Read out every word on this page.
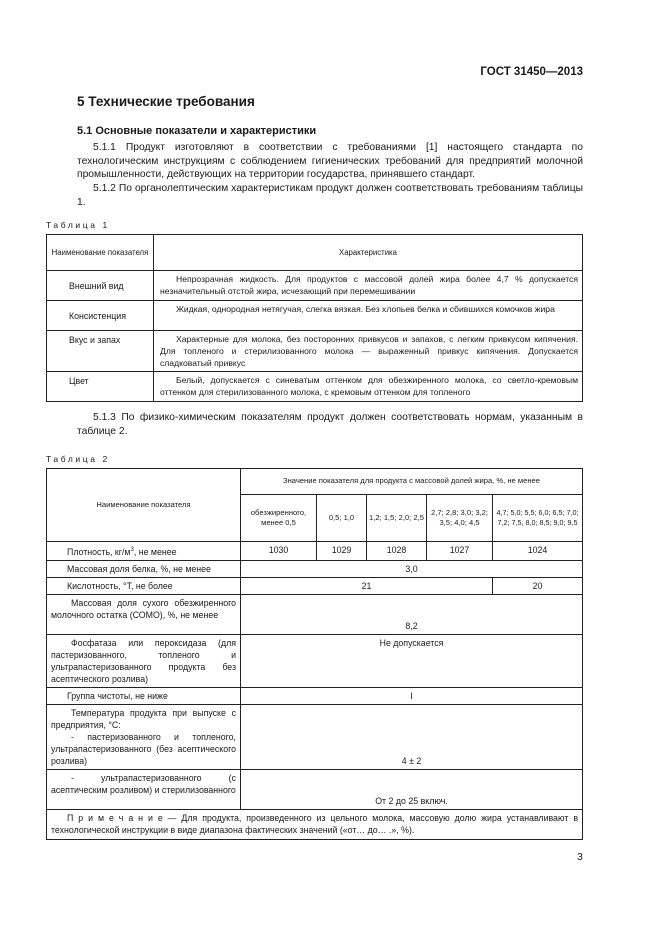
ГОСТ 31450—2013
5 Технические требования
5.1 Основные показатели и характеристики

5.1.1 Продукт изготовляют в соответствии с требованиями [1] настоящего стандарта по технологическим инструкциям с соблюдением гигиенических требований для предприятий молочной промышленности, действующих на территории государства, принявшего стандарт.

5.1.2 По органолептическим характеристикам продукт должен соответствовать требованиям таблицы 1.

Таблица 1
Наименование показателя	Характеристика
Внешний вид	Непрозрачная жидкость. Для продуктов с массовой долей жира более 4,7 % допускается незначительный отстой жира, исчезающий при перемешивании
Консистенция	Жидкая, однородная нетягучая, слегка вязкая. Без хлопьев белка и сбившихся комочков жира
Вкус и запах	Характерные для молока, без посторонних привкусов и запахов, с легким привкусом кипячения. Для топленого и стерилизованного молока — выраженный привкус кипячения. Допускается сладковатый привкус
Цвет	Белый, допускается с синеватым оттенком для обезжиренного молока, со светло-кремовым оттенком для стерилизованного молока, с кремовым оттенком для топленого

5.1.3 По физико-химическим показателям продукт должен соответствовать нормам, указанным в таблице 2.

Таблица 2
Наименование показателя	Значение показателя для продукта с массовой долей жира, %, не менее				
	обезжиренного, менее 0,5	0,5; 1,0	1,2; 1,5; 2,0; 2,5	2,7; 2,8; 3,0; 3,2; 3,5; 4,0; 4,5	4,7; 5,0; 5,5; 6,0; 6,5; 7,0; 7,2; 7,5, 8,0; 8,5; 9,0; 9,5
Плотность, $кг/м^3$, не менее	1030	1029	1028	1027	1024
Массовая доля белка, %, не менее	3,0				
Кислотность, °Т, не более	21				20
Массовая доля сухого обезжиренного молочного остатка (СОМО), %, не менее	8,2				
Фосфатаза или пероксидаза (для пастеризованного, топленого и ультрапастеризованного продукта без асептического розлива)	Не допускается				
Группа чистоты, не ниже	I				

Температура продукта при выпуске с предприятия, °С:
- пастеризованного и топленого, ультрапастеризованного (без асептического розлива)	4 ± 2				
- ультрапастеризованного (с асептическим розливом) и стерилизованного	От 2 до 25 включ.				
П р и м е ч а н и е — Для продукта, произведенного из цельного молока, массовую долю жира устанавливают в технологической инструкции в виде диапазона фактических значений («от… до… .», %).					
3
